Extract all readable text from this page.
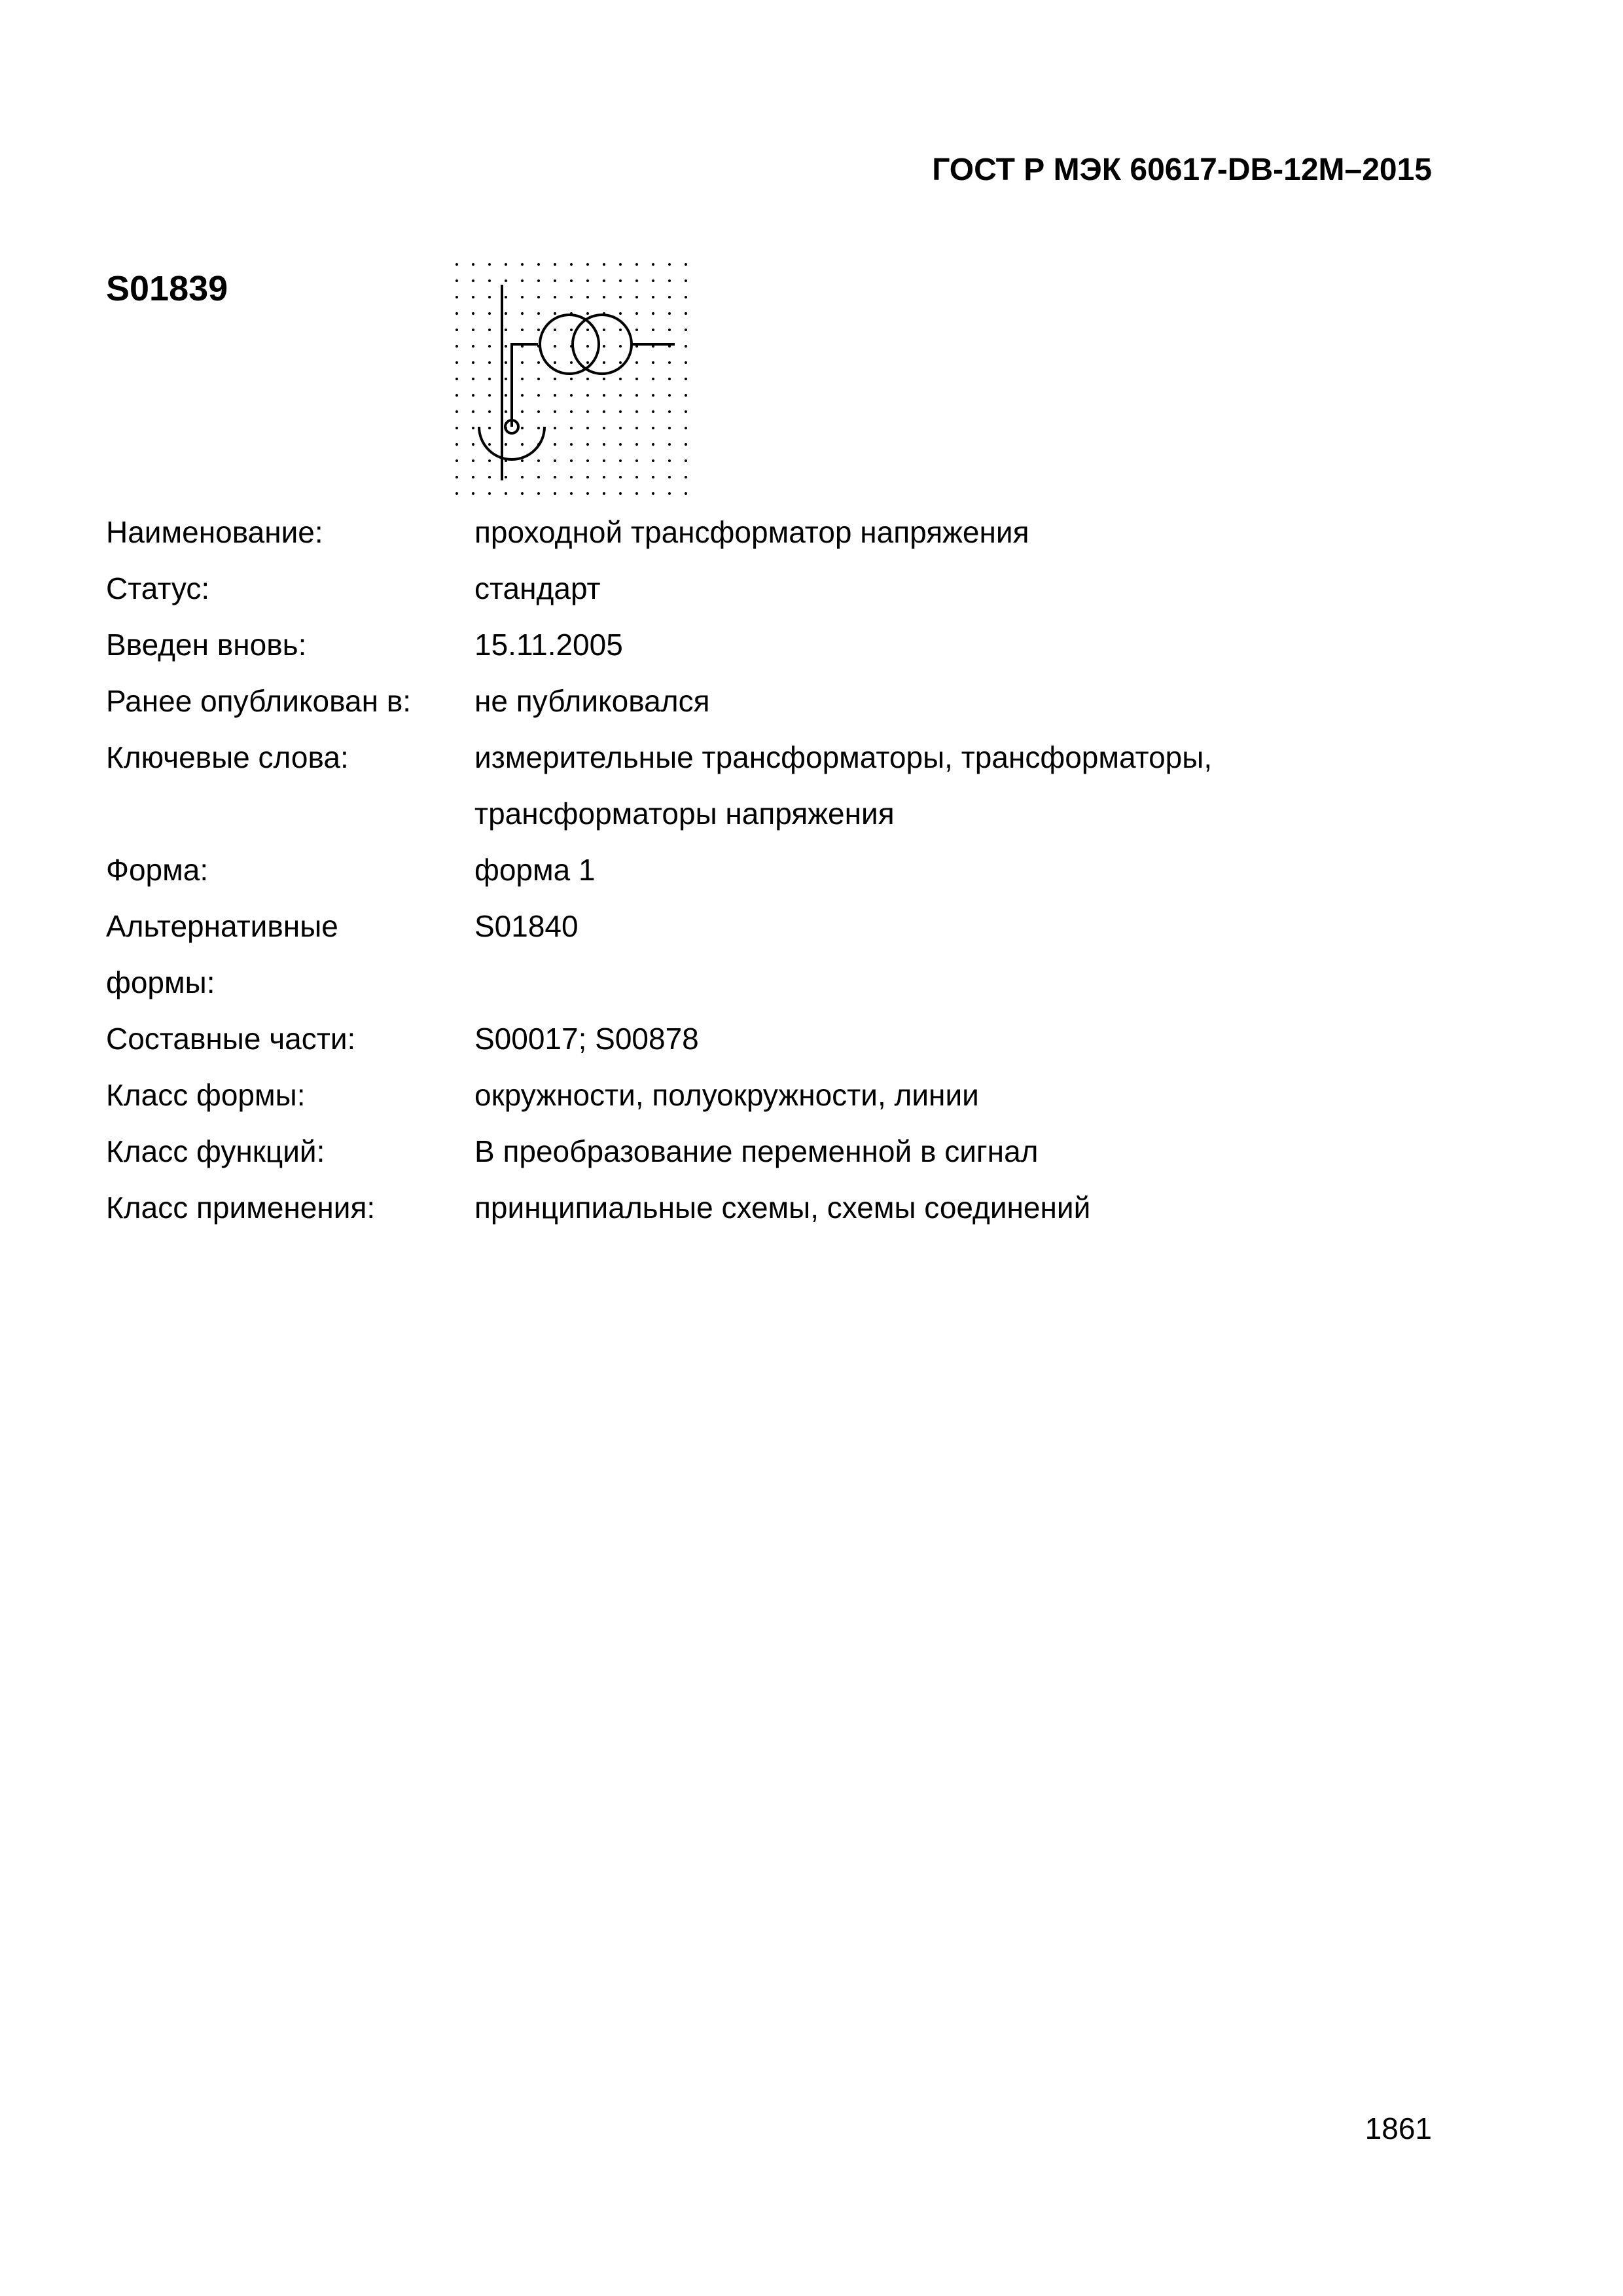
ГОСТ Р МЭК 60617-DB-12М–2015
S01839
Наименование:	проходной трансформатор напряжения
Статус:	стандарт
Введен вновь:	15.11.2005
Ранее опубликован в:	не публиковался
Ключевые слова:	измерительные трансформаторы, трансформаторы,
трансформаторы напряжения
Форма:	форма 1
Альтернативные	S01840
формы:
Составные части:	S00017; S00878
Класс формы:	окружности, полуокружности, линии
Класс функций:	В преобразование переменной в сигнал
Класс применения:	принципиальные схемы, схемы соединений
1861
